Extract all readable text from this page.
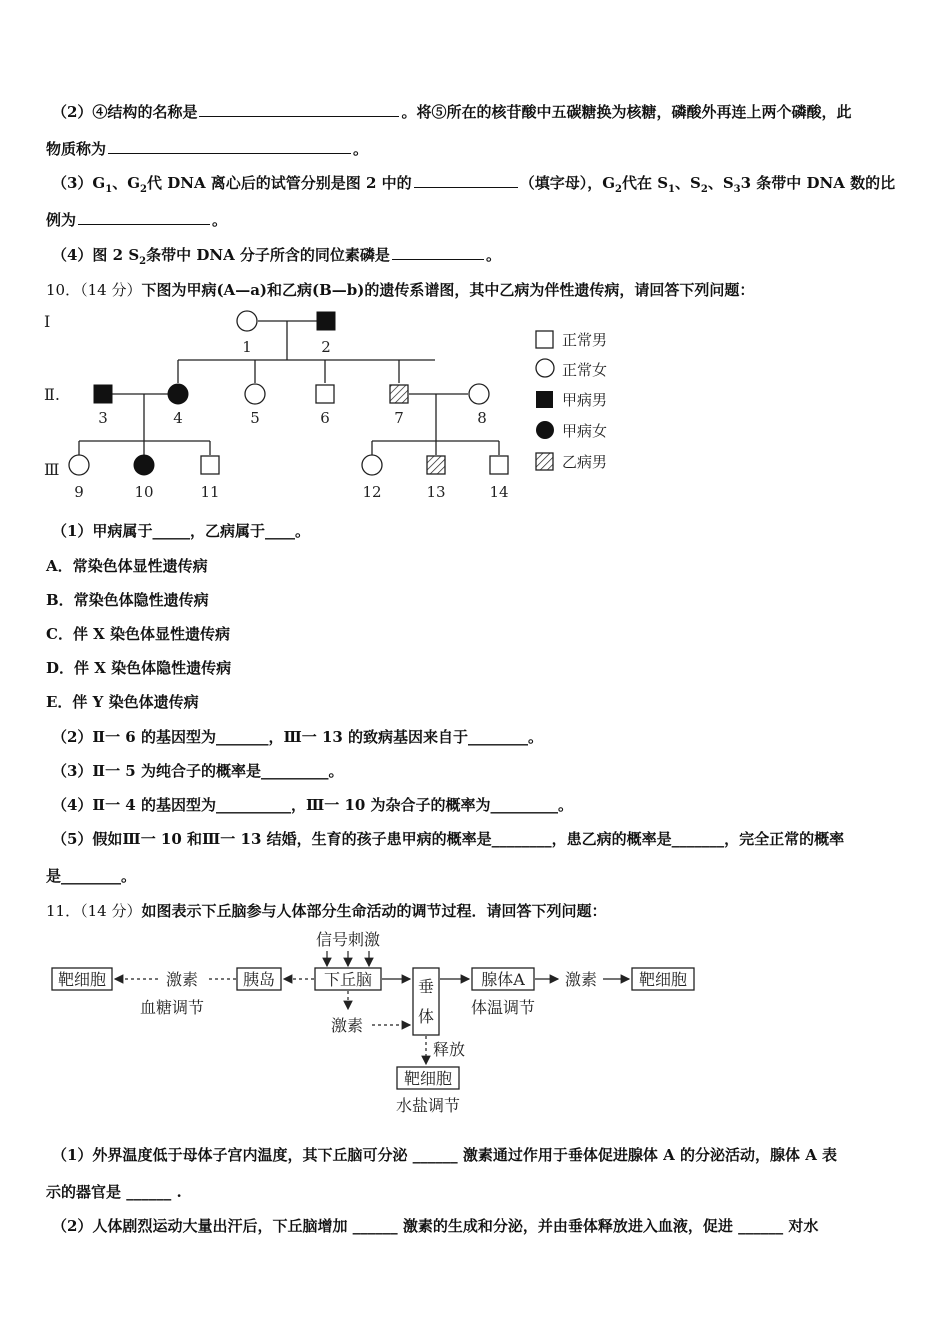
（2）④结构的名称是	。将⑤所在的核苷酸中五碳糖换为核糖，磷酸外再连上两个磷酸，此
物质称为	。
$(3)G_1$、$G_2$代 DNA 离心后的试管分别是图 2 中的	（填字母），$G_2$代在 $S_1$、$S_2$、$S_33$ 条带中 DNA 数的比
例为	。
（4）图 2 $S_2$条带中 DNA 分子所含的同位素磷是	。
10．（14 分）下图为甲病(A—a)和乙病(B—b)的遗传系谱图，其中乙病为伴性遗传病，请回答下列问题：
Ⅰ
Ⅱ.
Ⅲ
1	2
3	4	5	6	7	8
9	10	11	12	13	14
正常男
正常女
甲病男
甲病女
乙病男
（1）甲病属于_____，乙病属于____。
A．常染色体显性遗传病
B．常染色体隐性遗传病
C．伴 X 染色体显性遗传病
D．伴 X 染色体隐性遗传病
E．伴 Y 染色体遗传病
（2）Ⅱ一 6 的基因型为_______，Ⅲ一 13 的致病基因来自于________。
（3）Ⅱ一 5 为纯合子的概率是_________。
（4）Ⅱ一 4 的基因型为__________，Ⅲ一 10 为杂合子的概率为_________。
（5）假如Ⅲ一 10 和Ⅲ一 13 结婚，生育的孩子患甲病的概率是________，患乙病的概率是_______，完全正常的概率
是________。
11．（14 分）如图表示下丘脑参与人体部分生命活动的调节过程．请回答下列问题：
信号刺激
靶细胞	激素
血糖调节
胰岛	下丘脑
激素
垂
体
腺体A
体温调节
激素	靶细胞
释放
靶细胞
水盐调节
（1）外界温度低于母体子宫内温度，其下丘脑可分泌 ______ 激素通过作用于垂体促进腺体 A 的分泌活动，腺体 A 表
示的器官是 ______ .
（2）人体剧烈运动大量出汗后，下丘脑增加 ______ 激素的生成和分泌，并由垂体释放进入血液，促进 ______ 对水
